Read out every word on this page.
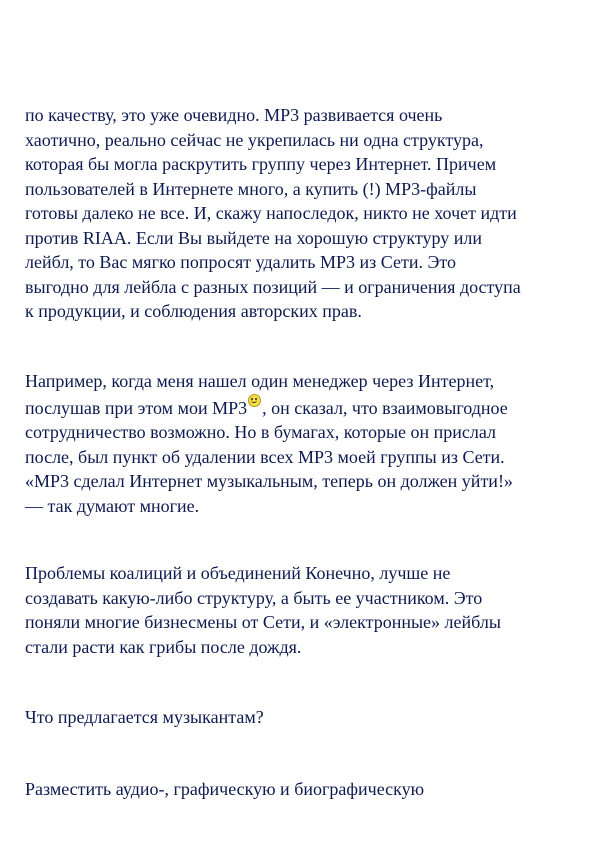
по качеству, это уже очевидно. MP3 развивается очень
хаотично, реально сейчас не укрепилась ни одна структура,
которая бы могла раскрутить группу через Интернет. Причем
пользователей в Интернете много, а купить (!) MP3-файлы
готовы далеко не все. И, скажу напоследок, никто не хочет идти
против RIAA. Если Вы выйдете на хорошую структуру или
лейбл, то Вас мягко попросят удалить MP3 из Сети. Это
выгодно для лейбла с разных позиций — и ограничения доступа
к продукции, и соблюдения авторских прав.

Например, когда меня нашел один менеджер через Интернет,
послушав при этом мои MP3 , он сказал, что взаимовыгодное
сотрудничество возможно. Но в бумагах, которые он прислал
после, был пункт об удалении всех MP3 моей группы из Сети.
«MP3 сделал Интернет музыкальным, теперь он должен уйти!»
— так думают многие.

Проблемы коалиций и объединений Конечно, лучше не
создавать какую-либо структуру, а быть ее участником. Это
поняли многие бизнесмены от Сети, и «электронные» лейблы
стали расти как грибы после дождя.

Что предлагается музыкантам?

Разместить аудио-, графическую и биографическую
